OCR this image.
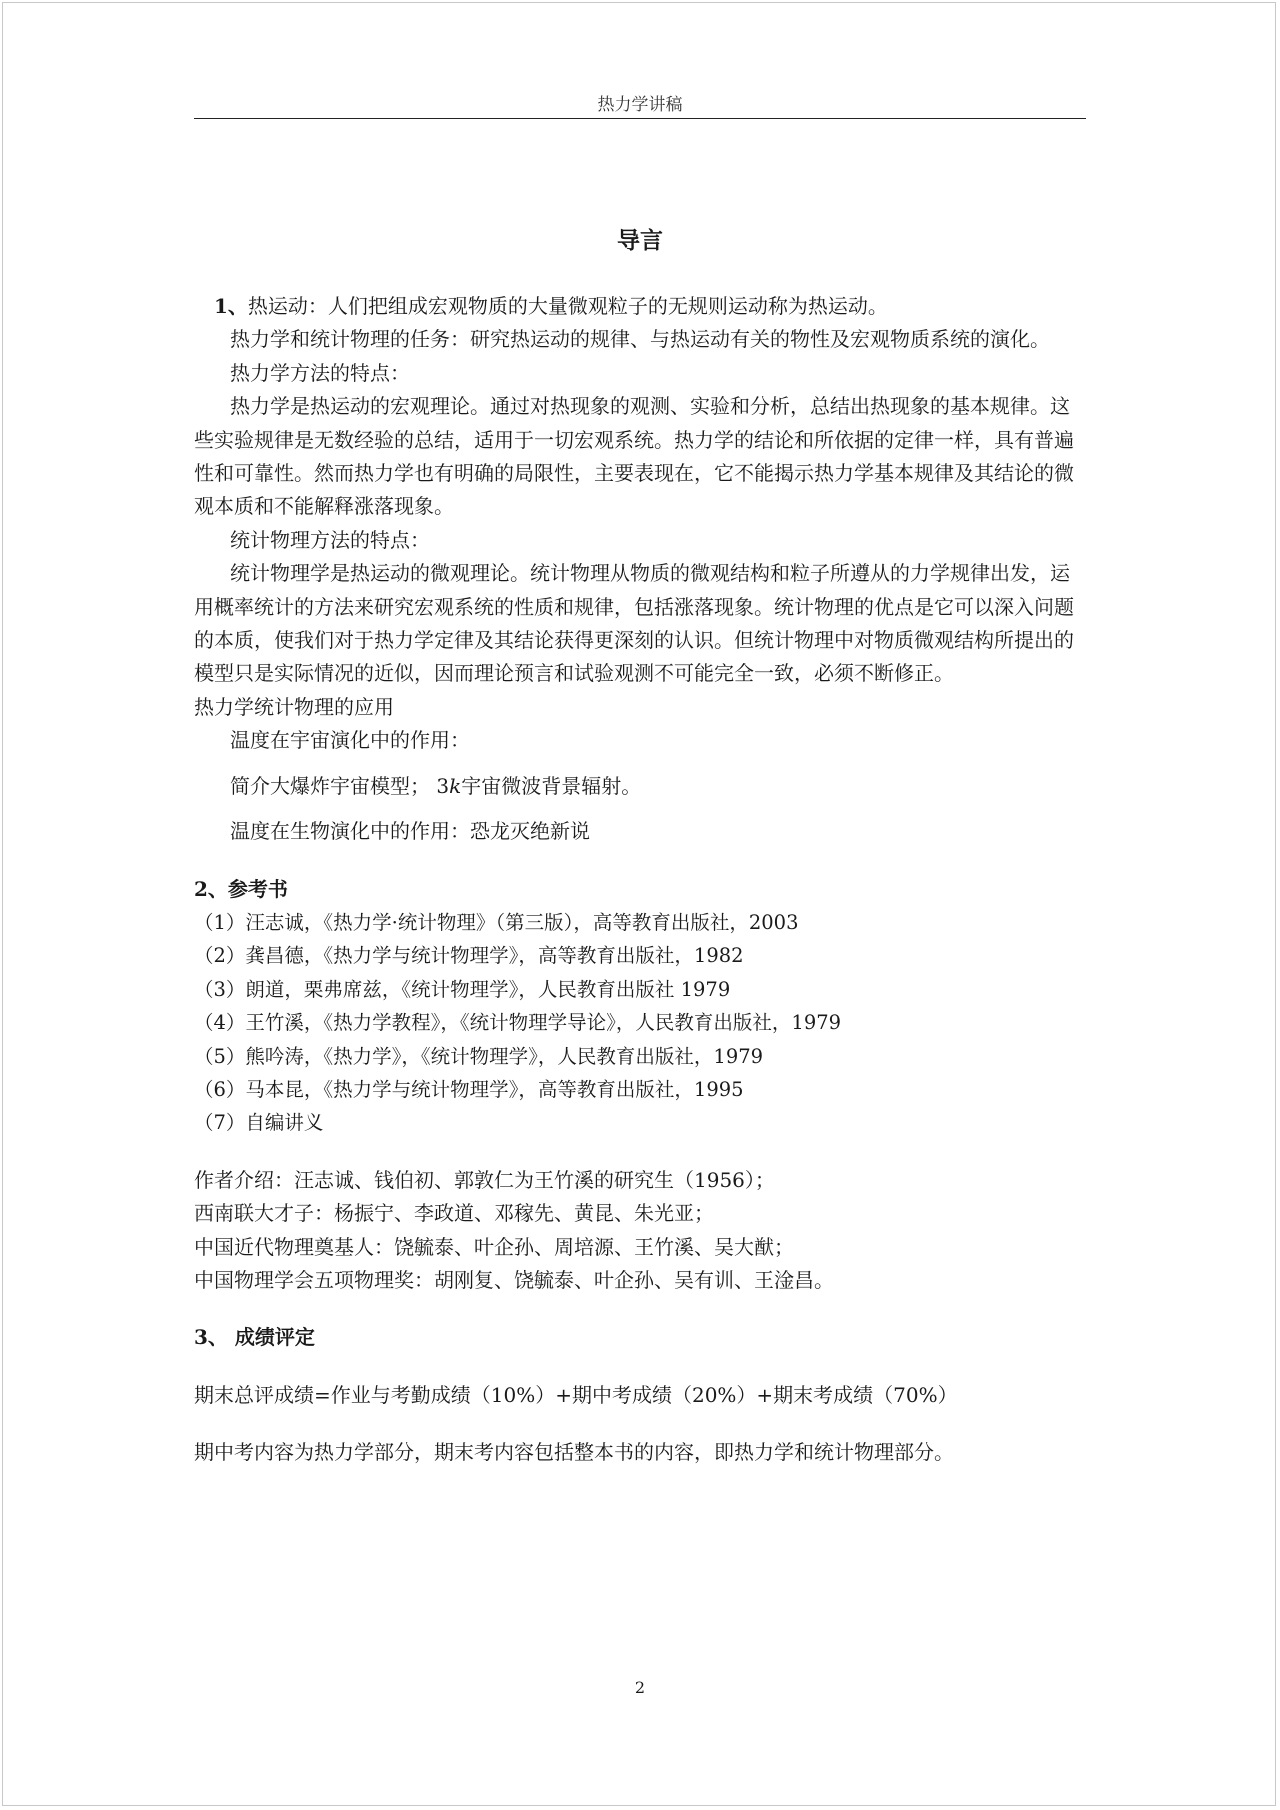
热力学讲稿
导言

1、热运动：人们把组成宏观物质的大量微观粒子的无规则运动称为热运动。

热力学和统计物理的任务：研究热运动的规律、与热运动有关的物性及宏观物质系统的演化。

热力学方法的特点：

热力学是热运动的宏观理论。通过对热现象的观测、实验和分析，总结出热现象的基本规律。这些实验规律是无数经验的总结，适用于一切宏观系统。热力学的结论和所依据的定律一样，具有普遍性和可靠性。然而热力学也有明确的局限性，主要表现在，它不能揭示热力学基本规律及其结论的微观本质和不能解释涨落现象。

统计物理方法的特点：

统计物理学是热运动的微观理论。统计物理从物质的微观结构和粒子所遵从的力学规律出发，运用概率统计的方法来研究宏观系统的性质和规律，包括涨落现象。统计物理的优点是它可以深入问题的本质，使我们对于热力学定律及其结论获得更深刻的认识。但统计物理中对物质微观结构所提出的模型只是实际情况的近似，因而理论预言和试验观测不可能完全一致，必须不断修正。

热力学统计物理的应用

温度在宇宙演化中的作用：

简介大爆炸宇宙模型； 3k宇宙微波背景辐射。

温度在生物演化中的作用：恐龙灭绝新说

2、参考书

（1）汪志诚，《热力学·统计物理》（第三版），高等教育出版社，2003

（2）龚昌德，《热力学与统计物理学》，高等教育出版社，1982

（3）朗道，栗弗席兹，《统计物理学》，人民教育出版社 1979

（4）王竹溪，《热力学教程》，《统计物理学导论》，人民教育出版社，1979

（5）熊吟涛，《热力学》，《统计物理学》，人民教育出版社，1979

（6）马本昆，《热力学与统计物理学》，高等教育出版社，1995

（7）自编讲义

作者介绍：汪志诚、钱伯初、郭敦仁为王竹溪的研究生（1956）；

西南联大才子：杨振宁、李政道、邓稼先、黄昆、朱光亚；

中国近代物理奠基人：饶毓泰、叶企孙、周培源、王竹溪、吴大猷；

中国物理学会五项物理奖：胡刚复、饶毓泰、叶企孙、吴有训、王淦昌。

3、 成绩评定

期末总评成绩=作业与考勤成绩（10%）+期中考成绩（20%）+期末考成绩（70%）

期中考内容为热力学部分，期末考内容包括整本书的内容，即热力学和统计物理部分。

2
